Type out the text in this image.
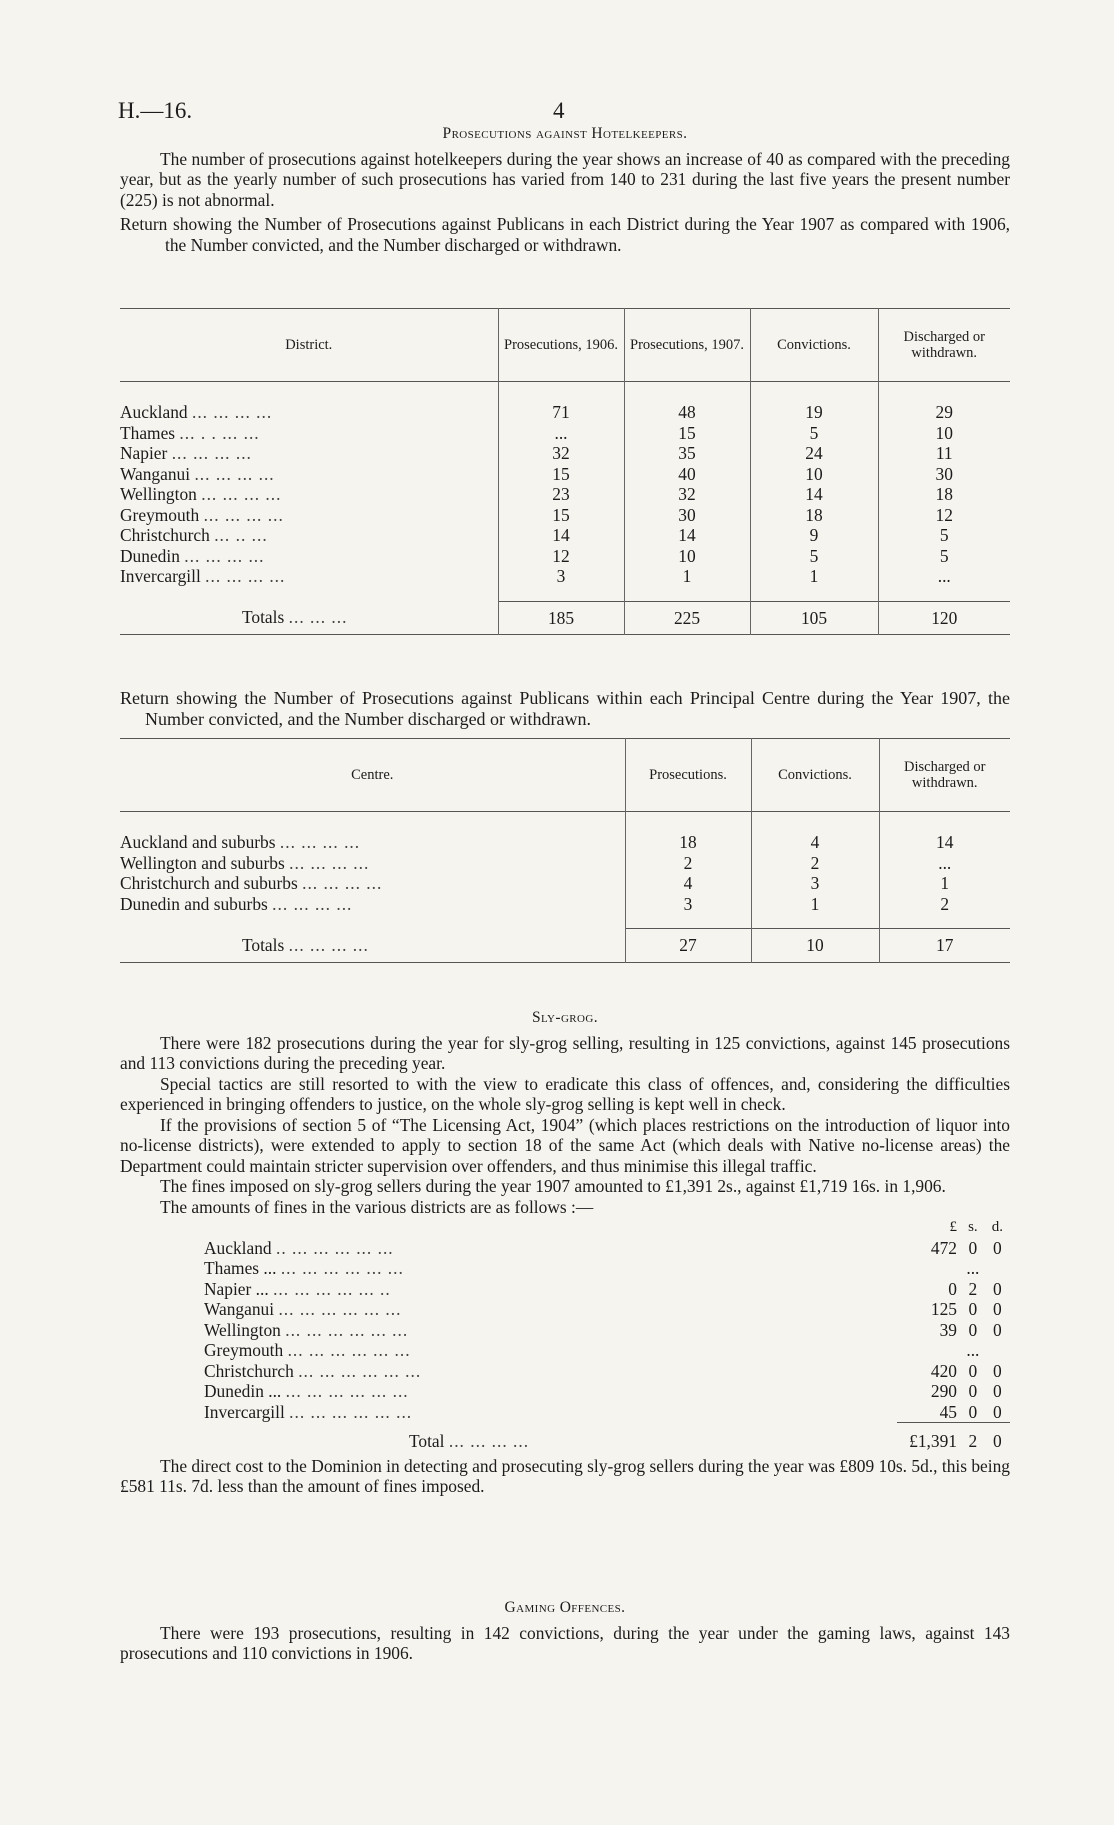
H.—16.	4
Prosecutions against Hotelkeepers.

The number of prosecutions against hotelkeepers during the year shows an increase of 40 as compared with the preceding year, but as the yearly number of such prosecutions has varied from 140 to 231 during the last five years the present number (225) is not abnormal.

Return showing the Number of Prosecutions against Publicans in each District during the Year 1907 as compared with 1906, the Number convicted, and the Number discharged or withdrawn.

District.	Prosecutions, 1906.	Prosecutions, 1907.	Convictions.	Discharged or withdrawn.
Auckland ... ... ... ...	71	48	19	29
Thames ... . . ... ...	...	15	5	10
Napier ... ... ... ...	32	35	24	11
Wanganui ... ... ... ...	15	40	10	30
Wellington ... ... ... ...	23	32	14	18
Greymouth ... ... ... ...	15	30	18	12
Christchurch ... .. ...	14	14	9	5
Dunedin ... ... ... ...	12	10	5	5
Invercargill ... ... ... ...	3	1	1	...
Totals ... ... ...	185	225	105	120

Return showing the Number of Prosecutions against Publicans within each Principal Centre during the Year 1907, the Number convicted, and the Number discharged or withdrawn.

Centre.	Prosecutions.	Convictions.	Discharged or withdrawn.
Auckland and suburbs ... ... ... ...	18	4	14
Wellington and suburbs ... ... ... ...	2	2	...
Christchurch and suburbs ... ... ... ...	4	3	1
Dunedin and suburbs ... ... ... ...	3	1	2
Totals ... ... ... ...	27	10	17
Sly-grog.

There were 182 prosecutions during the year for sly-grog selling, resulting in 125 convictions, against 145 prosecutions and 113 convictions during the preceding year.

Special tactics are still resorted to with the view to eradicate this class of offences, and, considering the difficulties experienced in bringing offenders to justice, on the whole sly-grog selling is kept well in check.

If the provisions of section 5 of “The Licensing Act, 1904” (which places restrictions on the introduction of liquor into no-license districts), were extended to apply to section 18 of the same Act (which deals with Native no-license areas) the Department could maintain stricter supervision over offenders, and thus minimise this illegal traffic.

The fines imposed on sly-grog sellers during the year 1907 amounted to £1,391 2s., against £1,719 16s. in 1,906.

The amounts of fines in the various districts are as follows :—

	£	s.	d.
Auckland .. ... ... ... ... ...	472	0	0
Thames ... ... ... ... ... ... ...		...	
Napier ... ... ... ... ... ... ..	0	2	0
Wanganui ... ... ... ... ... ...	125	0	0
Wellington ... ... ... ... ... ...	39	0	0
Greymouth ... ... ... ... ... ...		...	
Christchurch ... ... ... ... ... ...	420	0	0
Dunedin ... ... ... ... ... ... ...	290	0	0
Invercargill ... ... ... ... ... ...	45	0	0
Total ... ... ... ...	£1,391	2	0

The direct cost to the Dominion in detecting and prosecuting sly-grog sellers during the year was £809 10s. 5d., this being £581 11s. 7d. less than the amount of fines imposed.

Gaming Offences.

There were 193 prosecutions, resulting in 142 convictions, during the year under the gaming laws, against 143 prosecutions and 110 convictions in 1906.
